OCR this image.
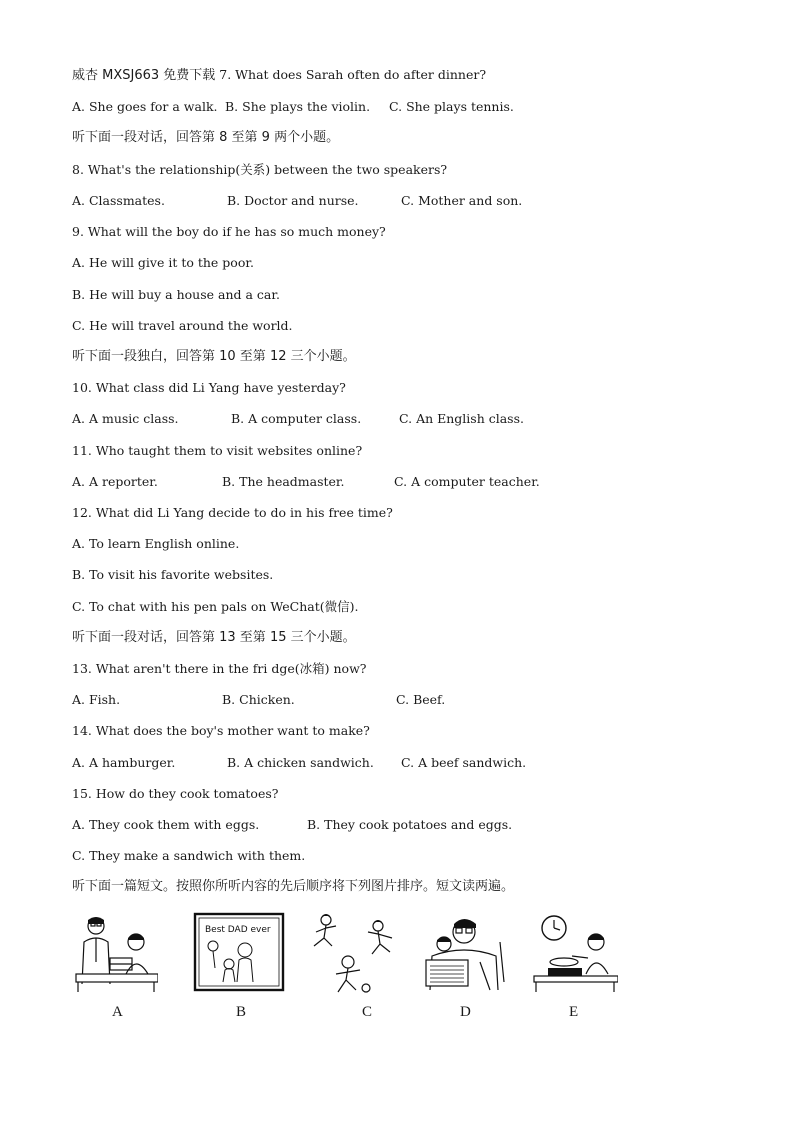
威杏 MXSJ663 免费下载 7. What does Sarah often do after dinner?
A. She goes for a walk. B. She plays the violin. C. She plays tennis.
听下面一段对话，回答第 8 至第 9 两个小题。
8. What's the relationship(关系) between the two speakers?
A. Classmates.	B. Doctor and nurse.	C. Mother and son.
9. What will the boy do if he has so much money?
A. He will give it to the poor.
B. He will buy a house and a car.
C. He will travel around the world.
听下面一段独白，回答第 10 至第 12 三个小题。
10. What class did Li Yang have yesterday?
A. A music class.	B. A computer class.	C. An English class.
11. Who taught them to visit websites online?
A. A reporter.	B. The headmaster.	C. A computer teacher.
12. What did Li Yang decide to do in his free time?
A. To learn English online.
B. To visit his favorite websites.
C. To chat with his pen pals on WeChat(微信).
听下面一段对话，回答第 13 至第 15 三个小题。
13. What aren't there in the fri dge(冰箱) now?
A. Fish.	B. Chicken.	C. Beef.
14. What does the boy's mother want to make?
A. A hamburger.	B. A chicken sandwich. C. A beef sandwich.
15. How do they cook tomatoes?
A. They cook them with eggs.	B. They cook potatoes and eggs.
C. They make a sandwich with them.
听下面一篇短文。按照你所听内容的先后顺序将下列图片排序。短文读两遍。
Best DAD ever
A	B	C	D	E
